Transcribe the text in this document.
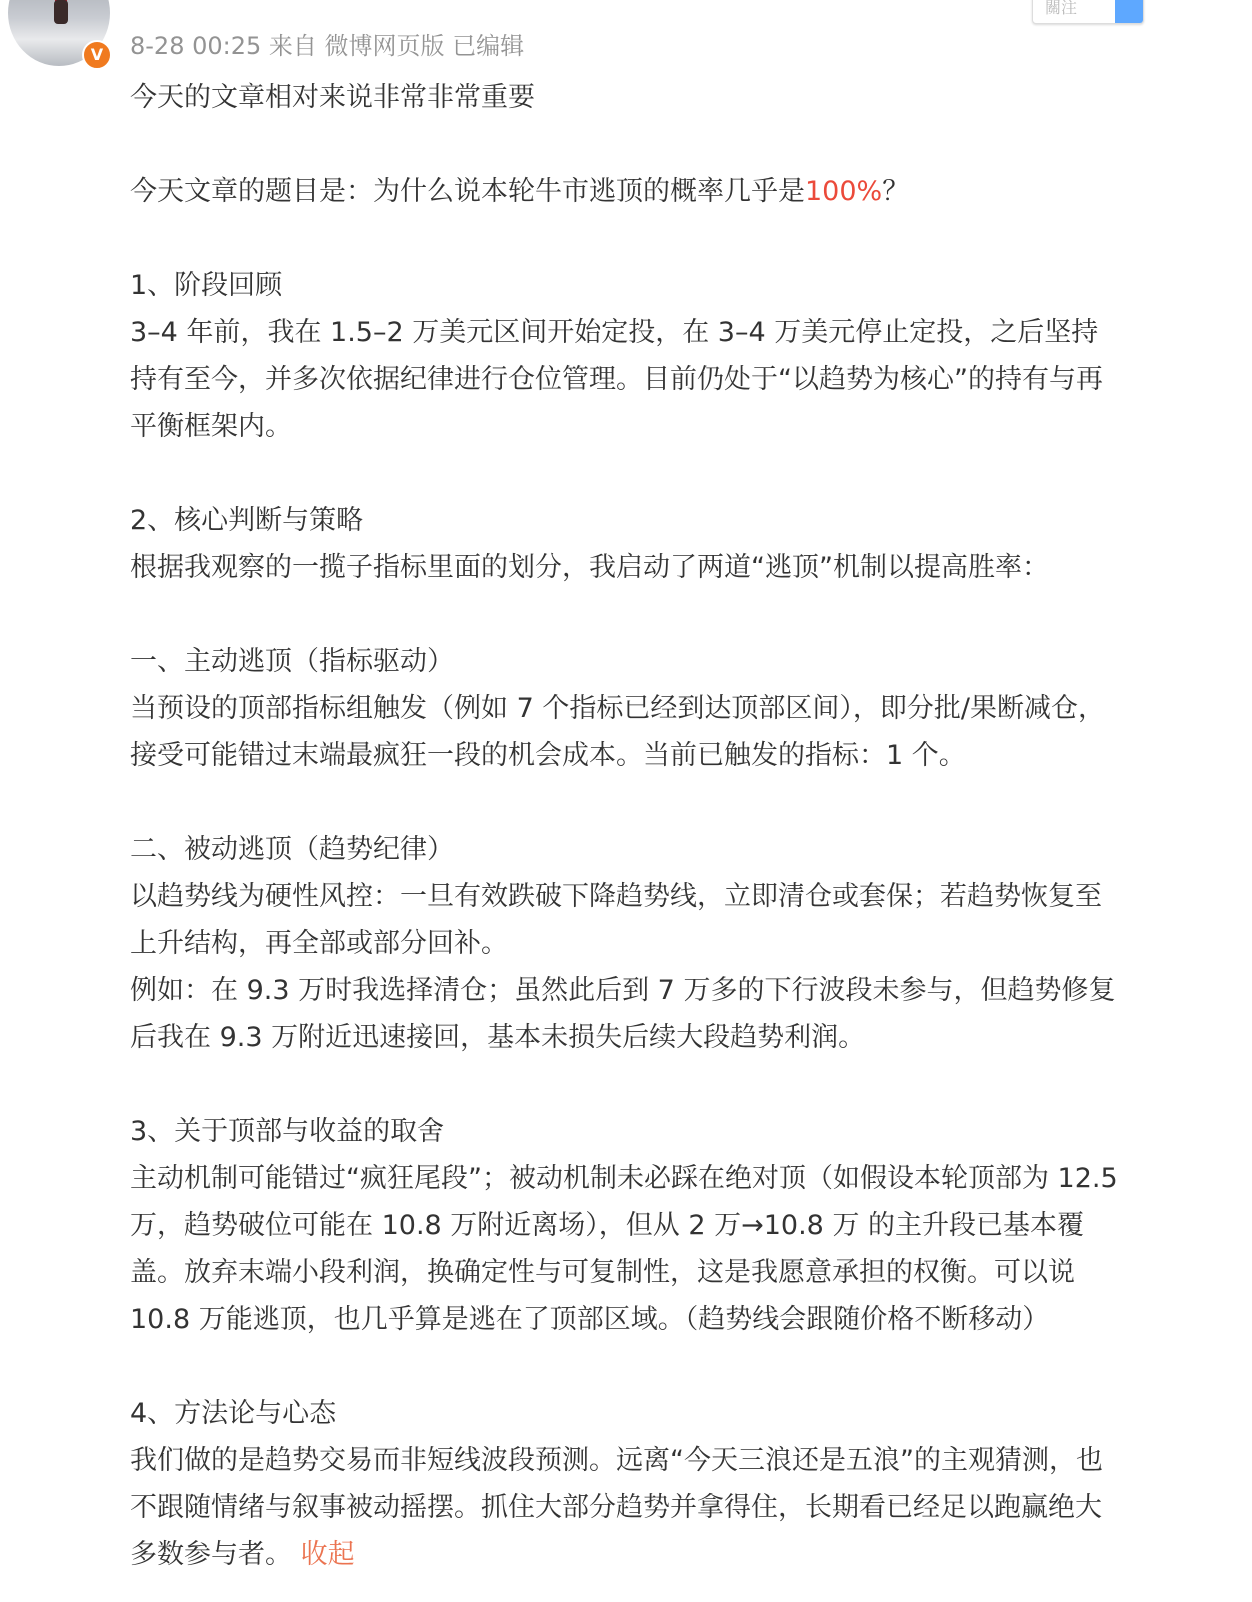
V
關注
8-28 00:25 来自 微博网页版 已编辑
今天的文章相对来说非常非常重要
今天文章的题目是：为什么说本轮牛市逃顶的概率几乎是100%？
1、阶段回顾
3–4 年前，我在 1.5–2 万美元区间开始定投，在 3–4 万美元停止定投，之后坚持
持有至今，并多次依据纪律进行仓位管理。目前仍处于“以趋势为核心”的持有与再
平衡框架内。
2、核心判断与策略
根据我观察的一揽子指标里面的划分，我启动了两道“逃顶”机制以提高胜率：
一、主动逃顶（指标驱动）
当预设的顶部指标组触发（例如 7 个指标已经到达顶部区间），即分批/果断减仓，
接受可能错过末端最疯狂一段的机会成本。当前已触发的指标：1 个。
二、被动逃顶（趋势纪律）
以趋势线为硬性风控：一旦有效跌破下降趋势线，立即清仓或套保；若趋势恢复至
上升结构，再全部或部分回补。
例如：在 9.3 万时我选择清仓；虽然此后到 7 万多的下行波段未参与，但趋势修复
后我在 9.3 万附近迅速接回，基本未损失后续大段趋势利润。
3、关于顶部与收益的取舍
主动机制可能错过“疯狂尾段”；被动机制未必踩在绝对顶（如假设本轮顶部为 12.5
万，趋势破位可能在 10.8 万附近离场），但从 2 万→10.8 万 的主升段已基本覆
盖。放弃末端小段利润，换确定性与可复制性，这是我愿意承担的权衡。可以说
10.8 万能逃顶，也几乎算是逃在了顶部区域。（趋势线会跟随价格不断移动）
4、方法论与心态
我们做的是趋势交易而非短线波段预测。远离“今天三浪还是五浪”的主观猜测，也
不跟随情绪与叙事被动摇摆。抓住大部分趋势并拿得住，长期看已经足以跑赢绝大
多数参与者。 收起
